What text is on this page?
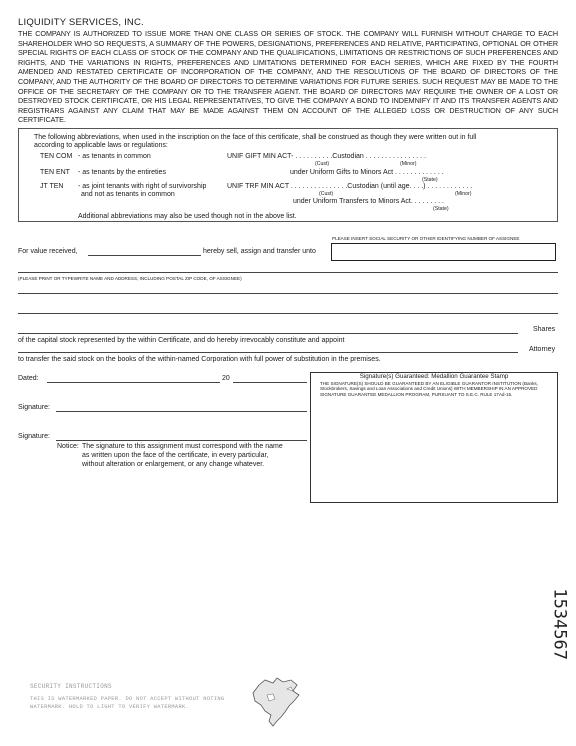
LIQUIDITY SERVICES, INC.
THE COMPANY IS AUTHORIZED TO ISSUE MORE THAN ONE CLASS OR SERIES OF STOCK. THE COMPANY WILL FURNISH WITHOUT CHARGE TO EACH SHAREHOLDER WHO SO REQUESTS, A SUMMARY OF THE POWERS, DESIGNATIONS, PREFERENCES AND RELATIVE, PARTICIPATING, OPTIONAL OR OTHER SPECIAL RIGHTS OF EACH CLASS OF STOCK OF THE COMPANY AND THE QUALIFICATIONS, LIMITATIONS OR RESTRICTIONS OF SUCH PREFERENCES AND RIGHTS, AND THE VARIATIONS IN RIGHTS, PREFERENCES AND LIMITATIONS DETERMINED FOR EACH SERIES, WHICH ARE FIXED BY THE FOURTH AMENDED AND RESTATED CERTIFICATE OF INCORPORATION OF THE COMPANY, AND THE RESOLUTIONS OF THE BOARD OF DIRECTORS OF THE COMPANY, AND THE AUTHORITY OF THE BOARD OF DIRECTORS TO DETERMINE VARIATIONS FOR FUTURE SERIES. SUCH REQUEST MAY BE MADE TO THE OFFICE OF THE SECRETARY OF THE COMPANY OR TO THE TRANSFER AGENT. THE BOARD OF DIRECTORS MAY REQUIRE THE OWNER OF A LOST OR DESTROYED STOCK CERTIFICATE, OR HIS LEGAL REPRESENTATIVES, TO GIVE THE COMPANY A BOND TO INDEMNIFY IT AND ITS TRANSFER AGENTS AND REGISTRARS AGAINST ANY CLAIM THAT MAY BE MADE AGAINST THEM ON ACCOUNT OF THE ALLEGED LOSS OR DESTRUCTION OF ANY SUCH CERTIFICATE.
The following abbreviations, when used in the inscription on the face of this certificate, shall be construed as though they were written out in full
according to applicable laws or regulations:
TEN COM - as tenants in common
TEN ENT - as tenants by the entireties
JT TEN - as joint tenants with right of survivorship
and not as tenants in common
UNIF GIFT MIN ACT- . . . . . . . . . .Custodian . . . . . . . . . . . . . . . .
(Cust)	(Minor)
under Uniform Gifts to Minors Act . . . . . . . . . . . . .
(State)
UNIF TRF MIN ACT . . . . . . . . . . . . . . .Custodian (until age. . . .) . . . . . . . . . . . .
(Cust)	(Minor)
under Uniform Transfers to Minors Act. . . . . . . . .
(State)
Additional abbreviations may also be used though not in the above list.
PLEASE INSERT SOCIAL SECURITY OR OTHER IDENTIFYING NUMBER OF ASSIGNEE
For value received,	hereby sell, assign and transfer unto
(PLEASE PRINT OR TYPEWRITE NAME AND ADDRESS, INCLUDING POSTAL ZIP CODE, OF ASSIGNEE)
Shares
of the capital stock represented by the within Certificate, and do hereby irrevocably constitute and appoint
Attorney
to transfer the said stock on the books of the within-named Corporation with full power of substitution in the premises.
Dated:	20
Signature:
Signature:
Notice: The signature to this assignment must correspond with the name
as written upon the face of the certificate, in every particular,
without alteration or enlargement, or any change whatever.
Signature(s) Guaranteed: Medallion Guarantee Stamp
THE SIGNATURE(S) SHOULD BE GUARANTEED BY AN ELIGIBLE GUARANTOR INSTITUTION (Banks, Stockbrokers, Savings and Loan Associations and Credit Unions) WITH MEMBERSHIP IN AN APPROVED SIGNATURE GUARANTEE MEDALLION PROGRAM, PURSUANT TO S.E.C. RULE 17Ad-15.
SECURITY INSTRUCTIONS
THIS IS WATERMARKED PAPER. DO NOT ACCEPT WITHOUT NOTING
WATERMARK. HOLD TO LIGHT TO VERIFY WATERMARK.
1534567
